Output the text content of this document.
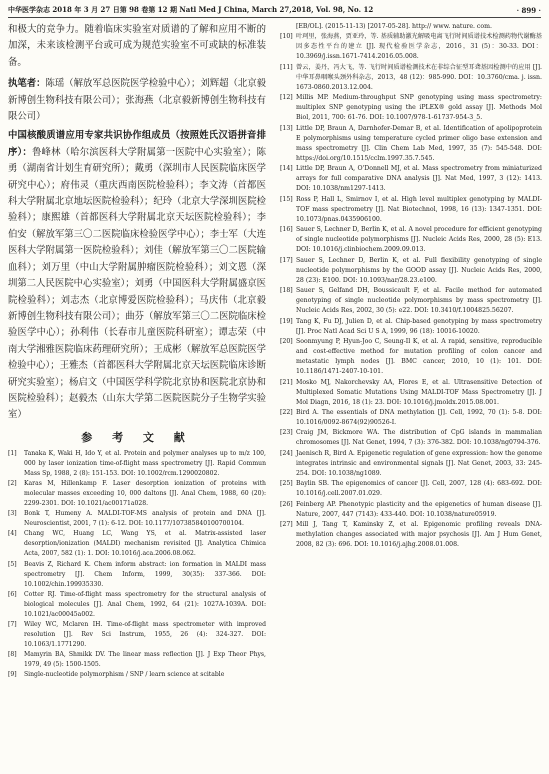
中华医学杂志 2018 年 3 月 27 日第 98 卷第 12 期 Natl Med J China, March 27,2018, Vol. 98, No. 12	· 899 ·

和极大的竞争力。随着临床实验室对质谱的了解和应用不断的加深，未来该检测平台或可成为规范实验室不可或缺的标准装备。

执笔者：陈瑶（解放军总医院医学检验中心）；刘辉超（北京毅新博创生物科技有限公司）；张海燕（北京毅新博创生物科技有限公司）

中国核酸质谱应用专家共识协作组成员（按照姓氏汉语拼音排序）：鲁峰林（哈尔滨医科大学附属第一医院中心实验室）；陈勇（湖南省计划生育研究所）；戴勇（深圳市人民医院临床医学研究中心）；府伟灵（重庆西南医院检验科）；李文涛（首都医科大学附属北京地坛医院检验科）；纪玲（北京大学深圳医院检验科）；康熙雄（首都医科大学附属北京天坛医院检验科）；李伯安（解放军第三〇二医院临床检验医学中心）；李士军（大连医科大学附属第一医院检验科）；刘佳（解放军第三〇二医院输血科）；刘万里（中山大学附属肿瘤医院检验科）；刘文恩（深圳第二人民医院中心实验室）；刘勇（中国医科大学附属盛京医院检验科）；刘志杰（北京博爱医院检验科）；马庆伟（北京毅新博创生物科技有限公司）；曲芬（解放军第三〇二医院临床检验医学中心）；孙利伟（长春市儿童医院科研室）；谭志荣（中南大学湘雅医院临床药理研究所）；王成彬（解放军总医院医学检验中心）；王雅杰（首都医科大学附属北京天坛医院临床诊断研究实验室）；杨启文（中国医学科学院北京协和医院北京协和医院检验科）；赵毅杰（山东大学第二医院医院分子生物学实验室）

参 考 文 献
[1]	Tanaka K, Waki H, Ido Y, et al. Protein and polymer analyses up to m/z 100, 000 by laser ionization time-of-flight mass spectrometry [J]. Rapid Commun Mass Sp, 1988, 2 (8): 151-153. DOI: 10.1002/rcm.1290020802.
[2]	Karas M, Hillenkamp F. Laser desorption ionization of proteins with molecular masses exceeding 10, 000 daltons [J]. Anal Chem, 1988, 60 (20): 2299-2301. DOI: 10.1021/ac00171a028.
[3]	Bonk T, Humeny A. MALDI-TOF-MS analysis of protein and DNA [J]. Neuroscientist, 2001, 7 (1): 6-12. DOI: 10.1177/107385840100700104.
[4]	Chang WC, Huang LC, Wang YS, et al. Matrix-assisted laser desorption/ionization (MALDI) mechanism revisited [J]. Analytica Chimica Acta, 2007, 582 (1): 1. DOI: 10.1016/j.aca.2006.08.062.
[5]	Beavis Z, Richard K. Chem inform abstract: ion formation in MALDI mass spectrometry [J]. Chem Inform, 1999, 30(35): 337-366. DOI: 10.1002/chin.199935330.
[6]	Cotter RJ. Time-of-flight mass spectrometry for the structural analysis of biological molecules [J]. Anal Chem, 1992, 64 (21): 1027A-1039A. DOI: 10.1021/ac00045a002.
[7]	Wiley WC, Mclaren IH. Time-of-flight mass spectrometer with improved resolution [J]. Rev Sci Instrum, 1955, 26 (4): 324-327. DOI: 10.1063/1.1771290.
[8]	Mamyrin BA, Shmikk DV. The linear mass reflection [J]. J Exp Theor Phys, 1979, 49 (5): 1500-1505.
[9]	Single-nucleotide polymorphism / SNP / learn science at scitable
[EB/OL]. (2015-11-13) [2017-05-28]. http:// www. nature. com.
[10] 叶珂里，张海燕，贾亚玲，等. 基质辅助激光解吸电离飞行时间质谱技术检测药物代谢酶基因多态性平台的建立 [J]. 现代检验医学杂志，2016，31 (5)：30-33. DOI：10.3969/j.issn.1671-7414.2016.05.008.
[11] 曾云，姜丹，冯大飞，等. 飞行时间质谱检测技术在非综合征型耳聋基因检测中的应用 [J]. 中华耳鼻咽喉头颈外科杂志，2013，48 (12)：985-990. DOI：10.3760/cma. j. issn. 1673-0860.2013.12.004.
[12] Millis MP. Medium-throughput SNP genotyping using mass spectrometry: multiplex SNP genotyping using the iPLEX® gold assay [J]. Methods Mol Biol, 2011, 700: 61-76. DOI: 10.1007/978-1-61737-954-3_5.
[13] Little DP, Braun A, Darnhofer-Demar B, et al. Identification of apolipoprotein E polymorphisms using temperature cycled primer oligo base extension and mass spectrometry [J]. Clin Chem Lab Med, 1997, 35 (7): 545-548. DOI: https://doi.org/10.1515/cclm.1997.35.7.545.
[14] Little DP, Braun A, O'Donnell MJ, et al. Mass spectrometry from miniaturized arrays for full comparative DNA analysis [J]. Nat Med, 1997, 3 (12): 1413. DOI: 10.1038/nm1297-1413.
[15] Ross P, Hall L, Smirnov I, et al. High level multiplex genotyping by MALDI-TOF mass spectrometry [J]. Nat Biotechnol, 1998, 16 (13): 1347-1351. DOI: 10.1073/pnas.0435906100.
[16] Sauer S, Lechner D, Berlin K, et al. A novel procedure for efficient genotyping of single nucleotide polymorphisms [J]. Nucleic Acids Res, 2000, 28 (5): E13. DOI: 10.1016/j.clinbiochem.2009.09.013.
[17] Sauer S, Lechner D, Berlin K, et al. Full flexibility genotyping of single nucleotide polymorphisms by the GOOD assay [J]. Nucleic Acids Res, 2000, 28 (23): E100. DOI: 10.1093/nar/28.23.e100.
[18] Sauer S, Gelfand DH, Boussicault F, et al. Facile method for automated genotyping of single nucleotide polymorphisms by mass spectrometry [J]. Nucleic Acids Res, 2002, 30 (5): e22. DOI: 10.3410/f.1004825.56207.
[19] Tang K, Fu DJ, Julien D, et al. Chip-based genotyping by mass spectrometry [J]. Proc Natl Acad Sci U S A, 1999, 96 (18): 10016-10020.
[20] Soonmyung P, Hyun-Joo C, Seung-Il K, et al. A rapid, sensitive, reproducible and cost-effective method for mutation profiling of colon cancer and metastatic lymph nodes [J]. BMC cancer, 2010, 10 (1): 101. DOI: 10.1186/1471-2407-10-101.
[21] Mosko MJ, Nakorchevsky AA, Flores E, et al. Ultrasensitive Detection of Multiplexed Somatic Mutations Using MALDI-TOF Mass Spectrometry [J]. J Mol Diagn, 2016, 18 (1): 23. DOI: 10.1016/j.jmoldx.2015.08.001.
[22] Bird A. The essentials of DNA methylation [J]. Cell, 1992, 70 (1): 5-8. DOI: 10.1016/0092-8674(92)90526-I.
[23] Craig JM, Bickmore WA. The distribution of CpG islands in mammalian chromosomes [J]. Nat Genet, 1994, 7 (3): 376-382. DOI: 10.1038/ng0794-376.
[24] Jaenisch R, Bird A. Epigenetic regulation of gene expression: how the genome integrates intrinsic and environmental signals [J]. Nat Genet, 2003, 33: 245-254. DOI: 10.1038/ng1089.
[25] Baylin SB. The epigenomics of cancer [J]. Cell, 2007, 128 (4): 683-692. DOI: 10.1016/j.cell.2007.01.029.
[26] Feinberg AP. Phenotypic plasticity and the epigenetics of human disease [J]. Nature, 2007, 447 (7143): 433-440. DOI: 10.1038/nature05919.
[27] Mill J, Tang T, Kaminsky Z, et al. Epigenomic profiling reveals DNA-methylation changes associated with major psychosis [J]. Am J Hum Genet, 2008, 82 (3): 696. DOI: 10.1016/j.ajhg.2008.01.008.
